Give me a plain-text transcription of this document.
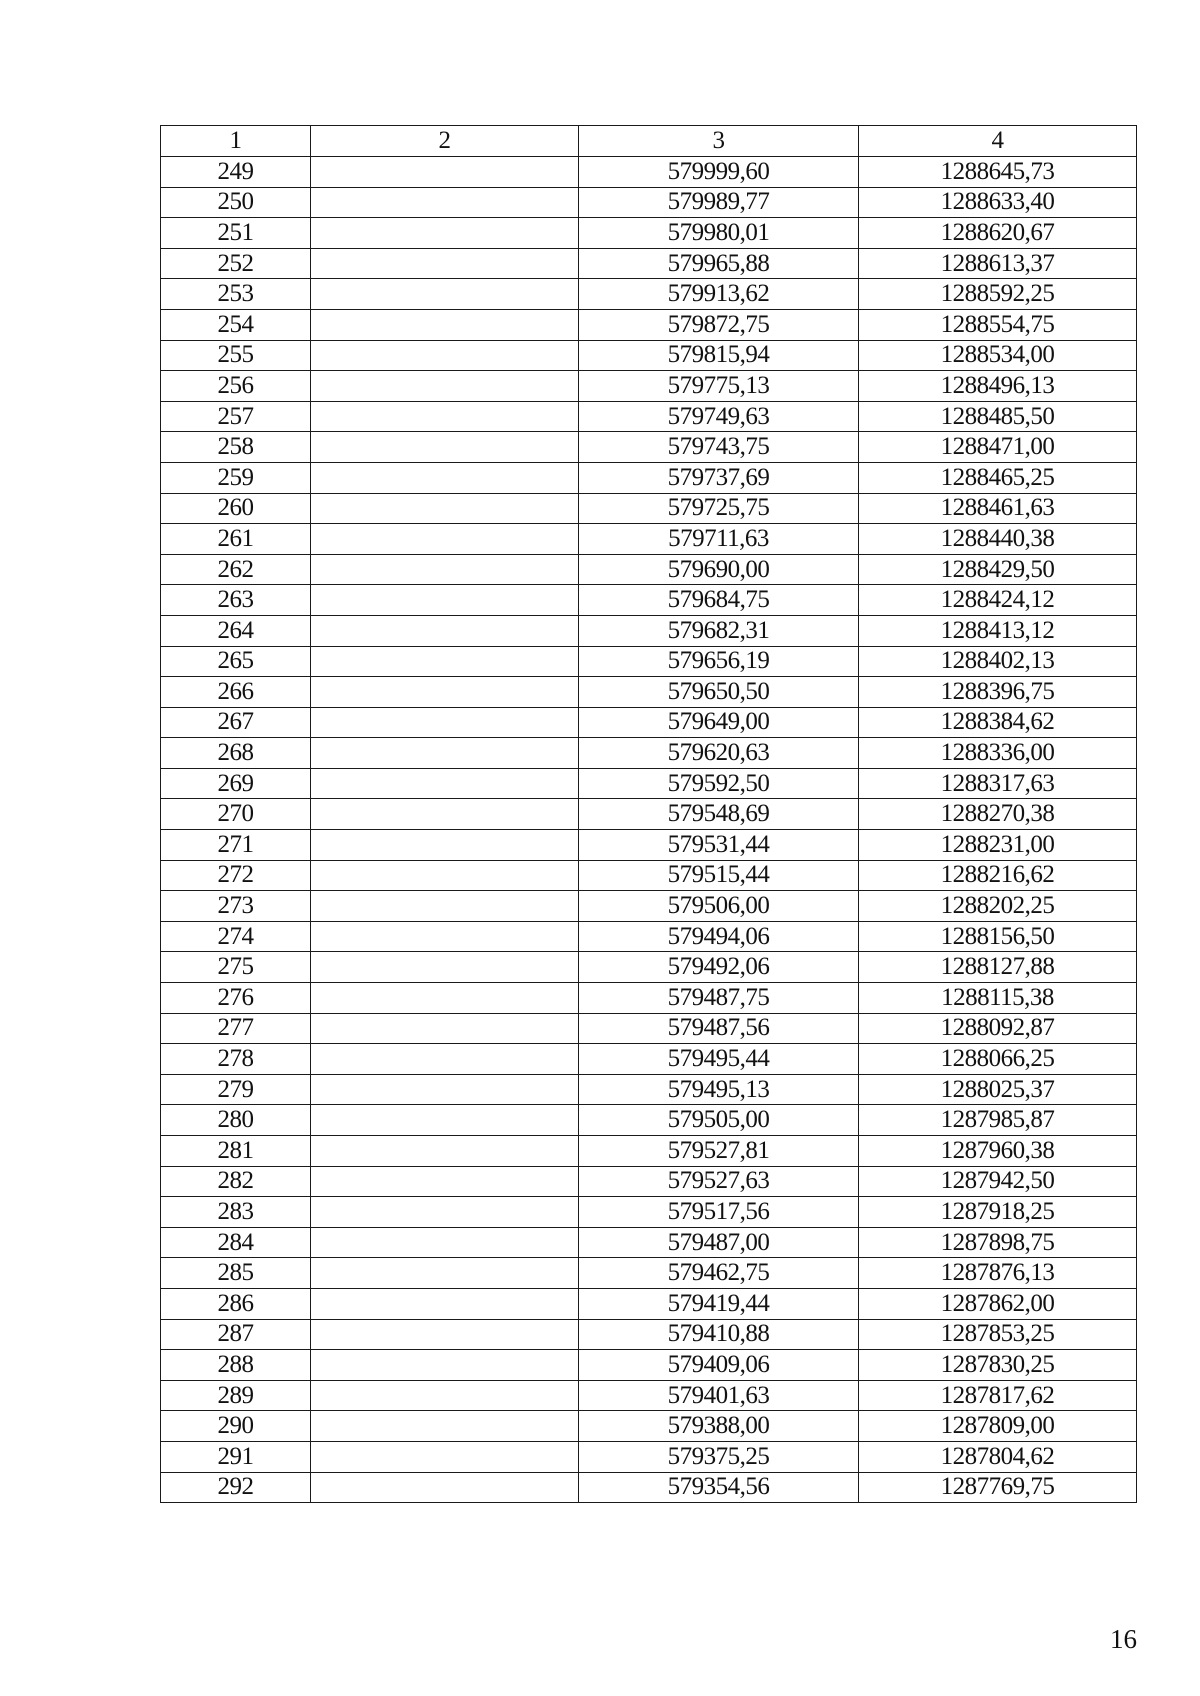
1	2	3	4
249		579999,60	1288645,73
250		579989,77	1288633,40
251		579980,01	1288620,67
252		579965,88	1288613,37
253		579913,62	1288592,25
254		579872,75	1288554,75
255		579815,94	1288534,00
256		579775,13	1288496,13
257		579749,63	1288485,50
258		579743,75	1288471,00
259		579737,69	1288465,25
260		579725,75	1288461,63
261		579711,63	1288440,38
262		579690,00	1288429,50
263		579684,75	1288424,12
264		579682,31	1288413,12
265		579656,19	1288402,13
266		579650,50	1288396,75
267		579649,00	1288384,62
268		579620,63	1288336,00
269		579592,50	1288317,63
270		579548,69	1288270,38
271		579531,44	1288231,00
272		579515,44	1288216,62
273		579506,00	1288202,25
274		579494,06	1288156,50
275		579492,06	1288127,88
276		579487,75	1288115,38
277		579487,56	1288092,87
278		579495,44	1288066,25
279		579495,13	1288025,37
280		579505,00	1287985,87
281		579527,81	1287960,38
282		579527,63	1287942,50
283		579517,56	1287918,25
284		579487,00	1287898,75
285		579462,75	1287876,13
286		579419,44	1287862,00
287		579410,88	1287853,25
288		579409,06	1287830,25
289		579401,63	1287817,62
290		579388,00	1287809,00
291		579375,25	1287804,62
292		579354,56	1287769,75
16
